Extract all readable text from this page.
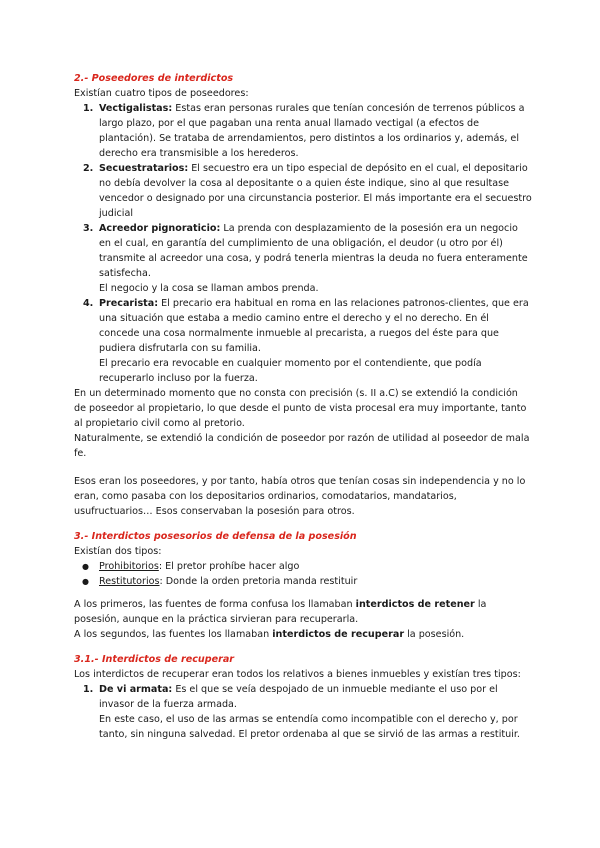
2.- Poseedores de interdictos

Existían cuatro tipos de poseedores:

1. Vectigalistas: Estas eran personas rurales que tenían concesión de terrenos públicos a largo plazo, por el que pagaban una renta anual llamado vectigal (a efectos de plantación). Se trataba de arrendamientos, pero distintos a los ordinarios y, además, el derecho era transmisible a los herederos.
2. Secuestratarios: El secuestro era un tipo especial de depósito en el cual, el depositario no debía devolver la cosa al depositante o a quien éste indique, sino al que resultase vencedor o designado por una circunstancia posterior. El más importante era el secuestro judicial
3. Acreedor pignoraticio: La prenda con desplazamiento de la posesión era un negocio en el cual, en garantía del cumplimiento de una obligación, el deudor (u otro por él) transmite al acreedor una cosa, y podrá tenerla mientras la deuda no fuera enteramente satisfecha.

El negocio y la cosa se llaman ambos prenda.

4. Precarista: El precario era habitual en roma en las relaciones patronos-clientes, que era una situación que estaba a medio camino entre el derecho y el no derecho. En él concede una cosa normalmente inmueble al precarista, a ruegos del éste para que pudiera disfrutarla con su familia.

El precario era revocable en cualquier momento por el contendiente, que podía recuperarlo incluso por la fuerza.

En un determinado momento que no consta con precisión (s. II a.C) se extendió la condición de poseedor al propietario, lo que desde el punto de vista procesal era muy importante, tanto al propietario civil como al pretorio.

Naturalmente, se extendió la condición de poseedor por razón de utilidad al poseedor de mala fe.

Esos eran los poseedores, y por tanto, había otros que tenían cosas sin independencia y no lo eran, como pasaba con los depositarios ordinarios, comodatarios, mandatarios, usufructuarios… Esos conservaban la posesión para otros.

3.- Interdictos posesorios de defensa de la posesión

Existían dos tipos:

● Prohibitorios: El pretor prohíbe hacer algo
● Restitutorios: Donde la orden pretoria manda restituir

A los primeros, las fuentes de forma confusa los llamaban interdictos de retener la posesión, aunque en la práctica sirvieran para recuperarla.

A los segundos, las fuentes los llamaban interdictos de recuperar la posesión.

3.1.- Interdictos de recuperar

Los interdictos de recuperar eran todos los relativos a bienes inmuebles y existían tres tipos:

1. De vi armata: Es el que se veía despojado de un inmueble mediante el uso por el invasor de la fuerza armada.

En este caso, el uso de las armas se entendía como incompatible con el derecho y, por tanto, sin ninguna salvedad. El pretor ordenaba al que se sirvió de las armas a restituir.
